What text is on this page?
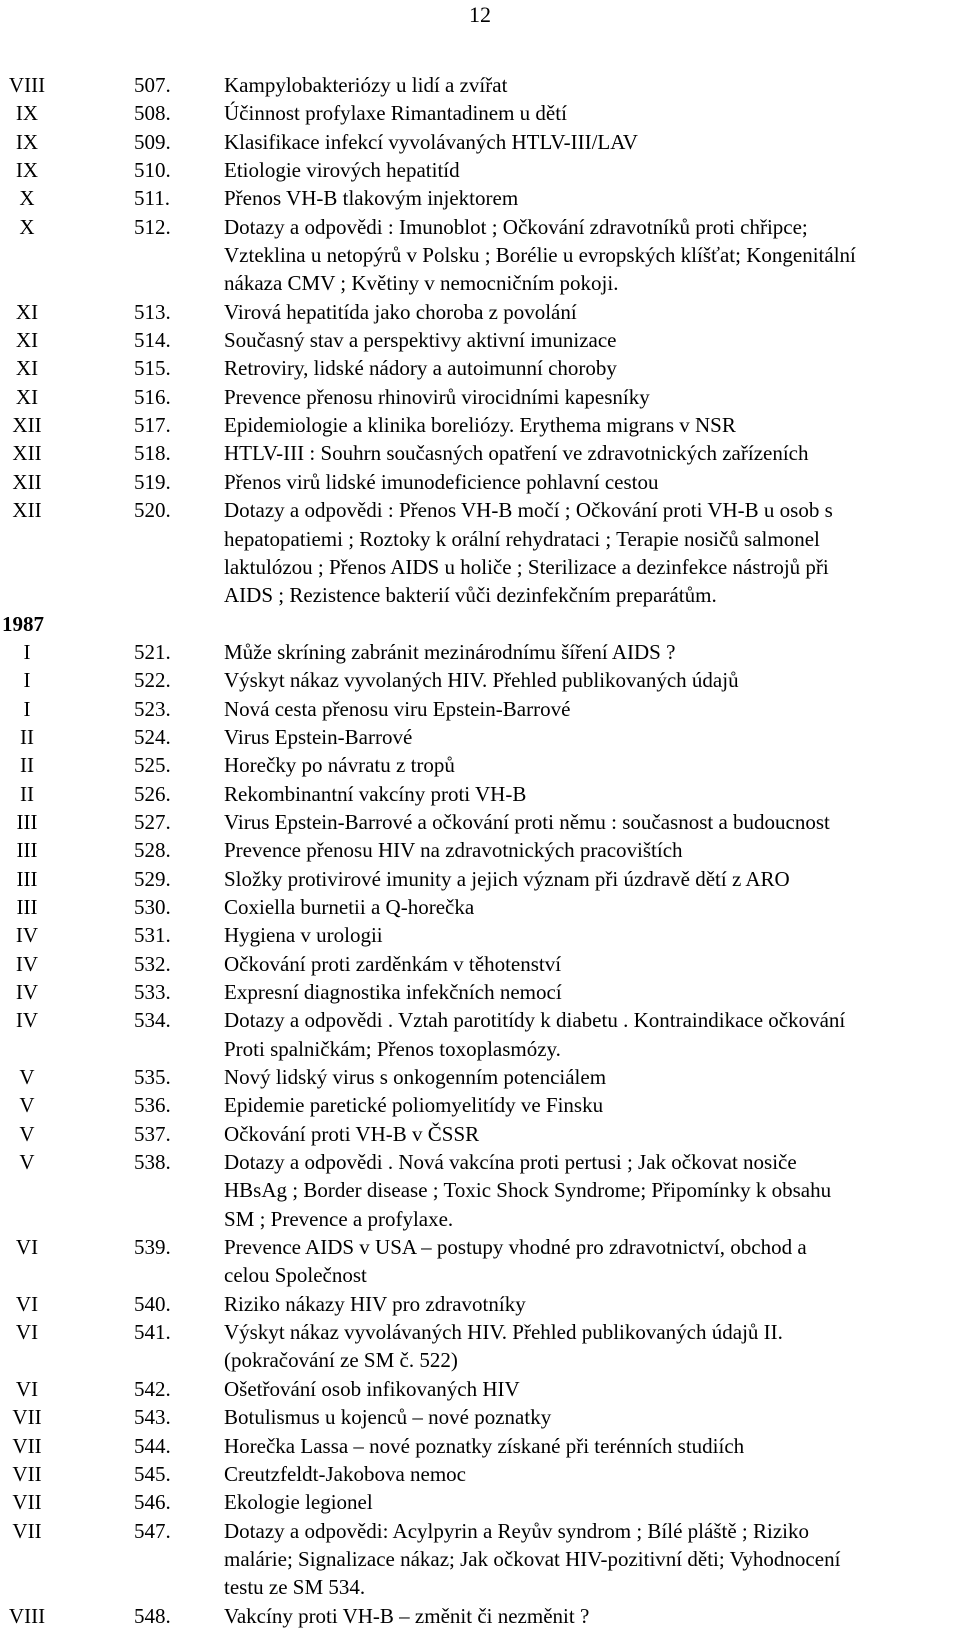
12
VIII	507.	Kampylobakteriózy u lidí a zvířat
IX	508.	Účinnost profylaxe Rimantadinem u dětí
IX	509.	Klasifikace infekcí vyvolávaných HTLV-III/LAV
IX	510.	Etiologie virových hepatitíd
X	511.	Přenos VH-B tlakovým injektorem
X	512.	Dotazy a odpovědi : Imunoblot ; Očkování zdravotníků proti chřipce;
Vzteklina u netopýrů v Polsku ; Borélie u evropských klíšťat; Kongenitální
nákaza CMV ; Květiny v nemocničním pokoji.
XI	513.	Virová hepatitída jako choroba z povolání
XI	514.	Současný stav a perspektivy aktivní imunizace
XI	515.	Retroviry, lidské nádory a autoimunní choroby
XI	516.	Prevence přenosu rhinovirů virocidními kapesníky
XII	517.	Epidemiologie a klinika boreliózy. Erythema migrans v NSR
XII	518.	HTLV-III : Souhrn současných opatření ve zdravotnických zařízeních
XII	519.	Přenos virů lidské imunodeficience pohlavní cestou
XII	520.	Dotazy a odpovědi : Přenos VH-B močí ; Očkování proti VH-B u osob s
hepatopatiemi ; Roztoky k orální rehydrataci ; Terapie nosičů salmonel
laktulózou ; Přenos AIDS u holiče ; Sterilizace a dezinfekce nástrojů při
AIDS ; Rezistence bakterií vůči dezinfekčním preparátům.
1987
I	521.	Může skríning zabránit mezinárodnímu šíření AIDS ?
I	522.	Výskyt nákaz vyvolaných HIV. Přehled publikovaných údajů
I	523.	Nová cesta přenosu viru Epstein-Barrové
II	524.	Virus Epstein-Barrové
II	525.	Horečky po návratu z tropů
II	526.	Rekombinantní vakcíny proti VH-B
III	527.	Virus Epstein-Barrové a očkování proti němu : současnost a budoucnost
III	528.	Prevence přenosu HIV na zdravotnických pracovištích
III	529.	Složky protivirové imunity a jejich význam při úzdravě dětí z ARO
III	530.	Coxiella burnetii a Q-horečka
IV	531.	Hygiena v urologii
IV	532.	Očkování proti zarděnkám v těhotenství
IV	533.	Expresní diagnostika infekčních nemocí
IV	534.	Dotazy a odpovědi . Vztah parotitídy k diabetu . Kontraindikace očkování
Proti spalničkám; Přenos toxoplasmózy.
V	535.	Nový lidský virus s onkogenním potenciálem
V	536.	Epidemie paretické poliomyelitídy ve Finsku
V	537.	Očkování proti VH-B v ČSSR
V	538.	Dotazy a odpovědi . Nová vakcína proti pertusi ; Jak očkovat nosiče
HBsAg ; Border disease ; Toxic Shock Syndrome; Připomínky k obsahu
SM ; Prevence a profylaxe.
VI	539.	Prevence AIDS v USA – postupy vhodné pro zdravotnictví, obchod a
celou Společnost
VI	540.	Riziko nákazy HIV pro zdravotníky
VI	541.	Výskyt nákaz vyvolávaných HIV. Přehled publikovaných údajů II.
(pokračování ze SM č. 522)
VI	542.	Ošetřování osob infikovaných HIV
VII	543.	Botulismus u kojenců – nové poznatky
VII	544.	Horečka Lassa – nové poznatky získané při terénních studiích
VII	545.	Creutzfeldt-Jakobova nemoc
VII	546.	Ekologie legionel
VII	547.	Dotazy a odpovědi: Acylpyrin a Reyův syndrom ; Bílé pláště ; Riziko
malárie; Signalizace nákaz; Jak očkovat HIV-pozitivní děti; Vyhodnocení
testu ze SM 534.
VIII	548.	Vakcíny proti VH-B – změnit či nezměnit ?
